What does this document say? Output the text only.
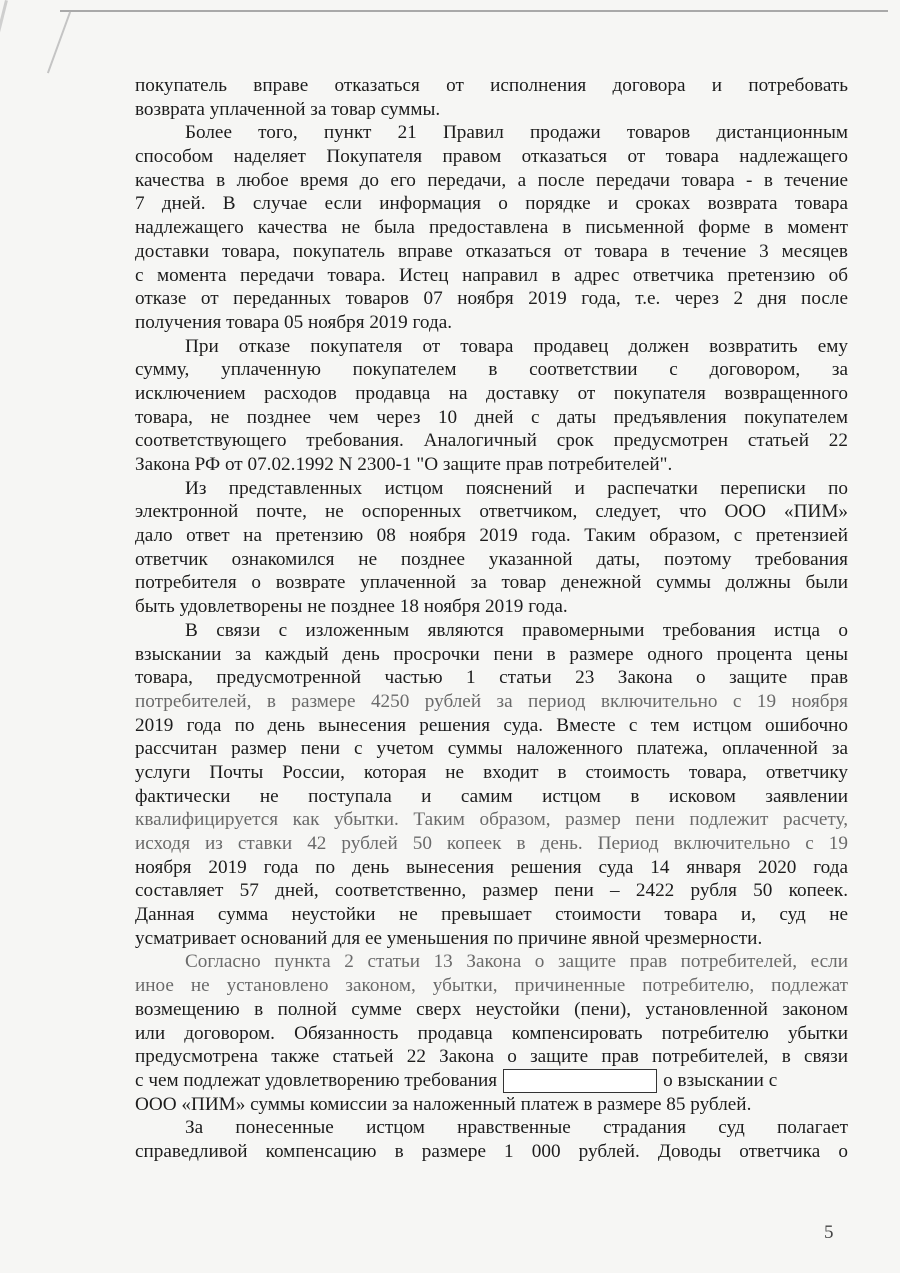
покупатель вправе отказаться от исполнения договора и потребовать
возврата уплаченной за товар суммы.
Более того, пункт 21 Правил продажи товаров дистанционным
способом наделяет Покупателя правом отказаться от товара надлежащего
качества в любое время до его передачи, а после передачи товара - в течение
7 дней. В случае если информация о порядке и сроках возврата товара
надлежащего качества не была предоставлена в письменной форме в момент
доставки товара, покупатель вправе отказаться от товара в течение 3 месяцев
с момента передачи товара. Истец направил в адрес ответчика претензию об
отказе от переданных товаров 07 ноября 2019 года, т.е. через 2 дня после
получения товара 05 ноября 2019 года.
При отказе покупателя от товара продавец должен возвратить ему
сумму, уплаченную покупателем в соответствии с договором, за
исключением расходов продавца на доставку от покупателя возвращенного
товара, не позднее чем через 10 дней с даты предъявления покупателем
соответствующего требования. Аналогичный срок предусмотрен статьей 22
Закона РФ от 07.02.1992 N 2300-1 "О защите прав потребителей".
Из представленных истцом пояснений и распечатки переписки по
электронной почте, не оспоренных ответчиком, следует, что ООО «ПИМ»
дало ответ на претензию 08 ноября 2019 года. Таким образом, с претензией
ответчик ознакомился не позднее указанной даты, поэтому требования
потребителя о возврате уплаченной за товар денежной суммы должны были
быть удовлетворены не позднее 18 ноября 2019 года.
В связи с изложенным являются правомерными требования истца о
взыскании за каждый день просрочки пени в размере одного процента цены
товара, предусмотренной частью 1 статьи 23 Закона о защите прав
потребителей, в размере 4250 рублей за период включительно с 19 ноября
2019 года по день вынесения решения суда. Вместе с тем истцом ошибочно
рассчитан размер пени с учетом суммы наложенного платежа, оплаченной за
услуги Почты России, которая не входит в стоимость товара, ответчику
фактически не поступала и самим истцом в исковом заявлении
квалифицируется как убытки. Таким образом, размер пени подлежит расчету,
исходя из ставки 42 рублей 50 копеек в день. Период включительно с 19
ноября 2019 года по день вынесения решения суда 14 января 2020 года
составляет 57 дней, соответственно, размер пени – 2422 рубля 50 копеек.
Данная сумма неустойки не превышает стоимости товара и, суд не
усматривает оснований для ее уменьшения по причине явной чрезмерности.
Согласно пункта 2 статьи 13 Закона о защите прав потребителей, если
иное не установлено законом, убытки, причиненные потребителю, подлежат
возмещению в полной сумме сверх неустойки (пени), установленной законом
или договором. Обязанность продавца компенсировать потребителю убытки
предусмотрена также статьей 22 Закона о защите прав потребителей, в связи
с чем подлежат удовлетворению требования	о взыскании с
ООО «ПИМ» суммы комиссии за наложенный платеж в размере 85 рублей.
За понесенные истцом нравственные страдания суд полагает
справедливой компенсацию в размере 1 000 рублей. Доводы ответчика о
5
